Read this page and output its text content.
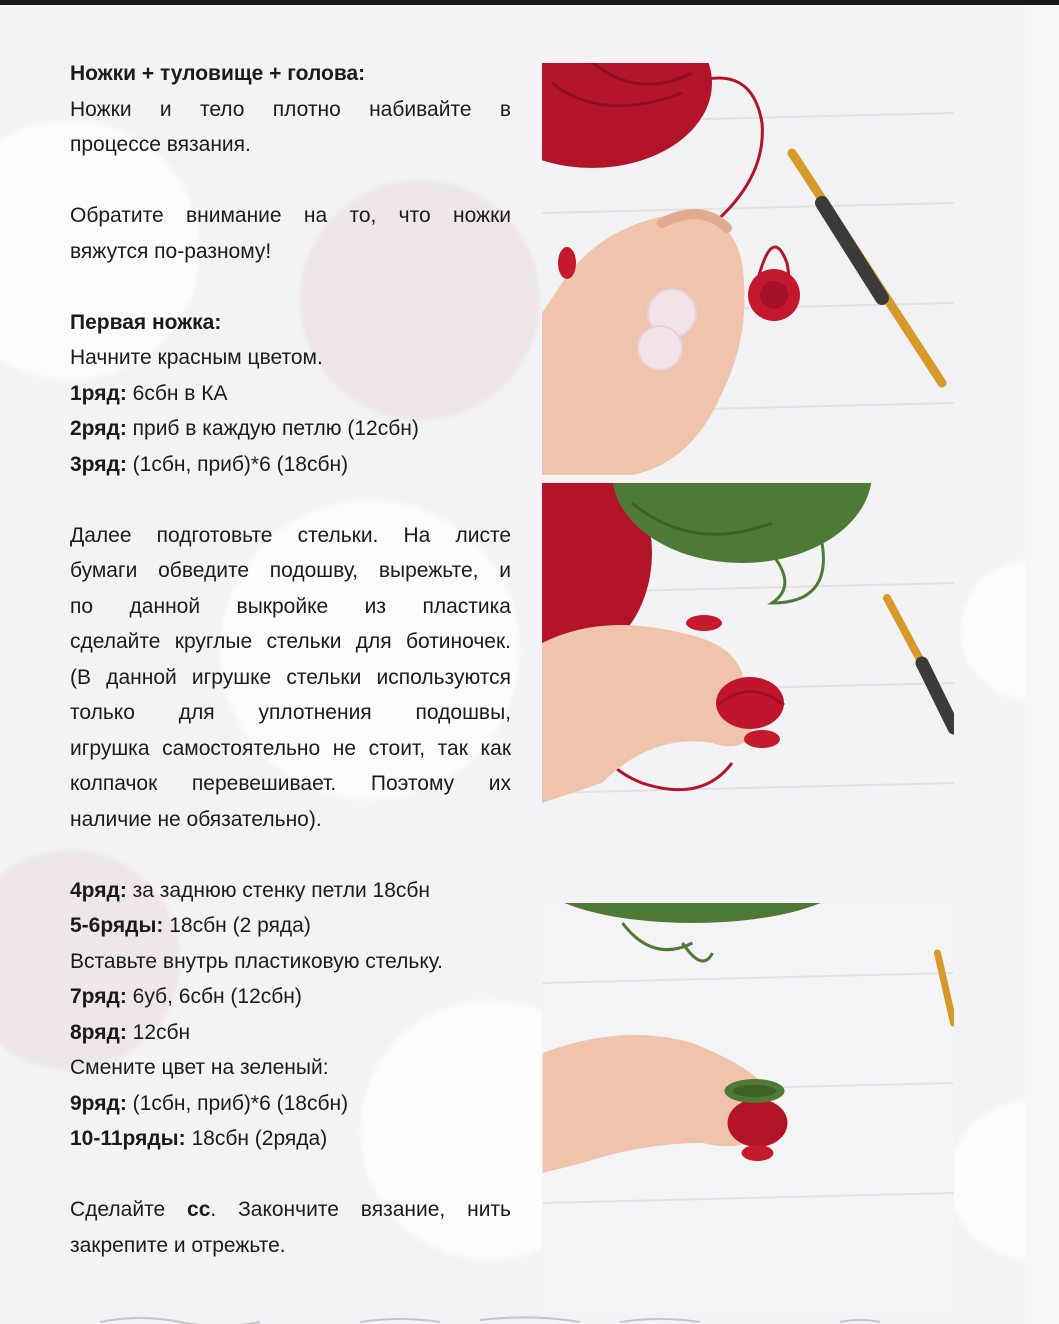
Ножки + туловище + голова:

Ножки и тело плотно набивайте в

процессе вязания.

Обратите внимание на то, что ножки

вяжутся по-разному!

Первая ножка:

Начните красным цветом.

1ряд: 6сбн в КА

2ряд: приб в каждую петлю (12сбн)

3ряд: (1сбн, приб)*6 (18сбн)

Далее подготовьте стельки. На листе

бумаги обведите подошву, вырежьте, и

по данной выкройке из пластика

сделайте круглые стельки для ботиночек.

(В данной игрушке стельки используются

только для уплотнения подошвы,

игрушка самостоятельно не стоит, так как

колпачок перевешивает. Поэтому их

наличие не обязательно).

4ряд: за заднюю стенку петли 18сбн

5-6ряды: 18сбн (2 ряда)

Вставьте внутрь пластиковую стельку.

7ряд: 6уб, 6сбн (12сбн)

8ряд: 12сбн

Смените цвет на зеленый:

9ряд: (1сбн, приб)*6 (18сбн)

10-11ряды: 18сбн (2ряда)

Сделайте сс. Закончите вязание, нить

закрепите и отрежьте.
